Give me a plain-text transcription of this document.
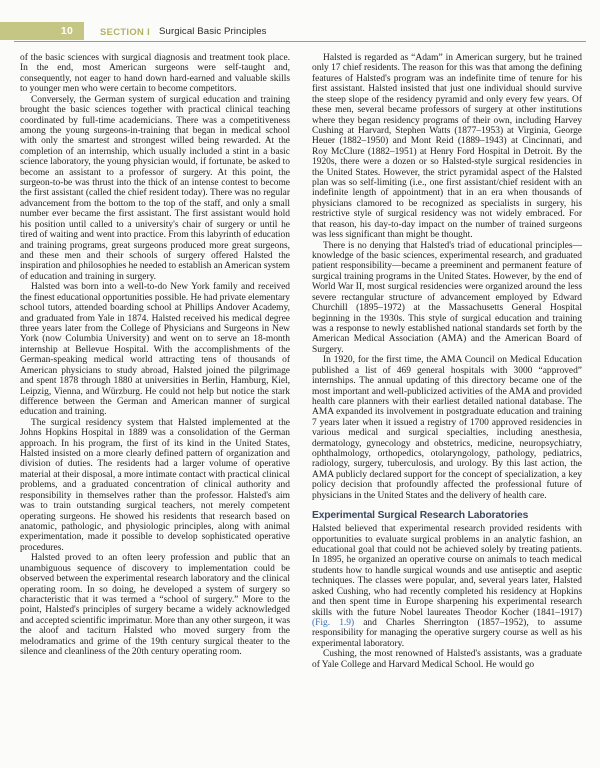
10	SECTION I Surgical Basic Principles

of the basic sciences with surgical diagnosis and treatment took place. In the end, most American surgeons were self-taught and, consequently, not eager to hand down hard-earned and valuable skills to younger men who were certain to become competitors.

Conversely, the German system of surgical education and training brought the basic sciences together with practical clinical teaching coordinated by full-time academicians. There was a competitiveness among the young surgeons-in-training that began in medical school with only the smartest and strongest willed being rewarded. At the completion of an internship, which usually included a stint in a basic science laboratory, the young physician would, if fortunate, be asked to become an assistant to a professor of surgery. At this point, the surgeon-to-be was thrust into the thick of an intense contest to become the first assistant (called the chief resident today). There was no regular advancement from the bottom to the top of the staff, and only a small number ever became the first assistant. The first assistant would hold his position until called to a university's chair of surgery or until he tired of waiting and went into practice. From this labyrinth of education and training programs, great surgeons produced more great surgeons, and these men and their schools of surgery offered Halsted the inspiration and philosophies he needed to establish an American system of education and training in surgery.

Halsted was born into a well-to-do New York family and received the finest educational opportunities possible. He had private elementary school tutors, attended boarding school at Phillips Andover Academy, and graduated from Yale in 1874. Halsted received his medical degree three years later from the College of Physicians and Surgeons in New York (now Columbia University) and went on to serve an 18-month internship at Bellevue Hospital. With the accomplishments of the German-speaking medical world attracting tens of thousands of American physicians to study abroad, Halsted joined the pilgrimage and spent 1878 through 1880 at universities in Berlin, Hamburg, Kiel, Leipzig, Vienna, and Würzburg. He could not help but notice the stark difference between the German and American manner of surgical education and training.

The surgical residency system that Halsted implemented at the Johns Hopkins Hospital in 1889 was a consolidation of the German approach. In his program, the first of its kind in the United States, Halsted insisted on a more clearly defined pattern of organization and division of duties. The residents had a larger volume of operative material at their disposal, a more intimate contact with practical clinical problems, and a graduated concentration of clinical authority and responsibility in themselves rather than the professor. Halsted's aim was to train outstanding surgical teachers, not merely competent operating surgeons. He showed his residents that research based on anatomic, pathologic, and physiologic principles, along with animal experimentation, made it possible to develop sophisticated operative procedures.

Halsted proved to an often leery profession and public that an unambiguous sequence of discovery to implementation could be observed between the experimental research laboratory and the clinical operating room. In so doing, he developed a system of surgery so characteristic that it was termed a “school of surgery.” More to the point, Halsted's principles of surgery became a widely acknowledged and accepted scientific imprimatur. More than any other surgeon, it was the aloof and taciturn Halsted who moved surgery from the melodramatics and grime of the 19th century surgical theater to the silence and cleanliness of the 20th century operating room.

Halsted is regarded as “Adam” in American surgery, but he trained only 17 chief residents. The reason for this was that among the defining features of Halsted's program was an indefinite time of tenure for his first assistant. Halsted insisted that just one individual should survive the steep slope of the residency pyramid and only every few years. Of these men, several became professors of surgery at other institutions where they began residency programs of their own, including Harvey Cushing at Harvard, Stephen Watts (1877–1953) at Virginia, George Heuer (1882–1950) and Mont Reid (1889–1943) at Cincinnati, and Roy McClure (1882–1951) at Henry Ford Hospital in Detroit. By the 1920s, there were a dozen or so Halsted-style surgical residencies in the United States. However, the strict pyramidal aspect of the Halsted plan was so self-limiting (i.e., one first assistant/chief resident with an indefinite length of appointment) that in an era when thousands of physicians clamored to be recognized as specialists in surgery, his restrictive style of surgical residency was not widely embraced. For that reason, his day-to-day impact on the number of trained surgeons was less significant than might be thought.

There is no denying that Halsted's triad of educational principles—knowledge of the basic sciences, experimental research, and graduated patient responsibility—became a preeminent and permanent feature of surgical training programs in the United States. However, by the end of World War II, most surgical residencies were organized around the less severe rectangular structure of advancement employed by Edward Churchill (1895–1972) at the Massachusetts General Hospital beginning in the 1930s. This style of surgical education and training was a response to newly established national standards set forth by the American Medical Association (AMA) and the American Board of Surgery.

In 1920, for the first time, the AMA Council on Medical Education published a list of 469 general hospitals with 3000 “approved” internships. The annual updating of this directory became one of the most important and well-publicized activities of the AMA and provided health care planners with their earliest detailed national database. The AMA expanded its involvement in postgraduate education and training 7 years later when it issued a registry of 1700 approved residencies in various medical and surgical specialties, including anesthesia, dermatology, gynecology and obstetrics, medicine, neuropsychiatry, ophthalmology, orthopedics, otolaryngology, pathology, pediatrics, radiology, surgery, tuberculosis, and urology. By this last action, the AMA publicly declared support for the concept of specialization, a key policy decision that profoundly affected the professional future of physicians in the United States and the delivery of health care.

Experimental Surgical Research Laboratories

Halsted believed that experimental research provided residents with opportunities to evaluate surgical problems in an analytic fashion, an educational goal that could not be achieved solely by treating patients. In 1895, he organized an operative course on animals to teach medical students how to handle surgical wounds and use antiseptic and aseptic techniques. The classes were popular, and, several years later, Halsted asked Cushing, who had recently completed his residency at Hopkins and then spent time in Europe sharpening his experimental research skills with the future Nobel laureates Theodor Kocher (1841–1917) (Fig. 1.9) and Charles Sherrington (1857–1952), to assume responsibility for managing the operative surgery course as well as his experimental laboratory.

Cushing, the most renowned of Halsted's assistants, was a graduate of Yale College and Harvard Medical School. He would go
